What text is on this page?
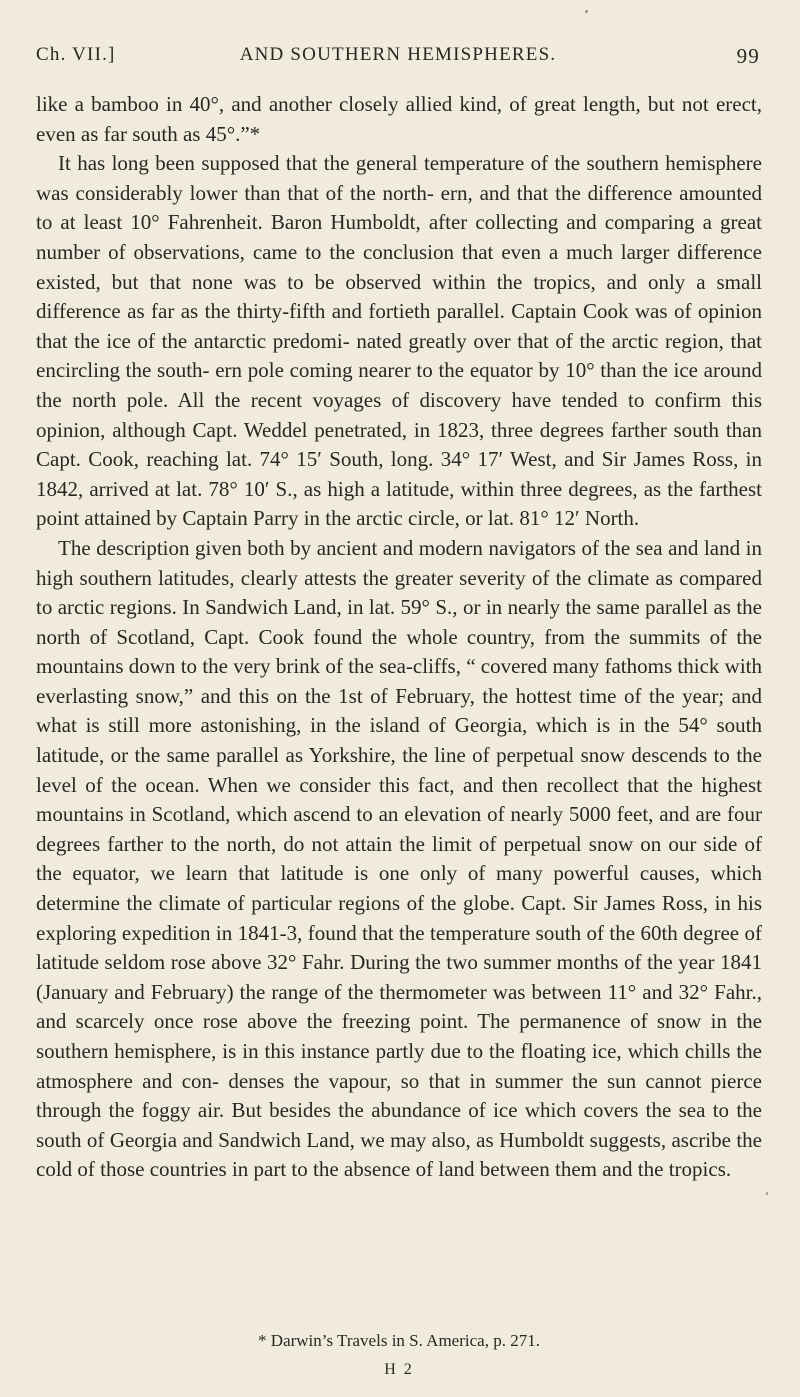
Ch. VII.]	AND SOUTHERN HEMISPHERES.	99

like a bamboo in 40°, and another closely allied kind, of great length, but not erect, even as far south as 45°.”*

It has long been supposed that the general temperature of the southern hemisphere was considerably lower than that of the north- ern, and that the difference amounted to at least 10° Fahrenheit. Baron Humboldt, after collecting and comparing a great number of observations, came to the conclusion that even a much larger difference existed, but that none was to be observed within the tropics, and only a small difference as far as the thirty-fifth and fortieth parallel. Captain Cook was of opinion that the ice of the antarctic predomi- nated greatly over that of the arctic region, that encircling the south- ern pole coming nearer to the equator by 10° than the ice around the north pole. All the recent voyages of discovery have tended to confirm this opinion, although Capt. Weddel penetrated, in 1823, three degrees farther south than Capt. Cook, reaching lat. 74° 15′ South, long. 34° 17′ West, and Sir James Ross, in 1842, arrived at lat. 78° 10′ S., as high a latitude, within three degrees, as the farthest point attained by Captain Parry in the arctic circle, or lat. 81° 12′ North.

The description given both by ancient and modern navigators of the sea and land in high southern latitudes, clearly attests the greater severity of the climate as compared to arctic regions. In Sandwich Land, in lat. 59° S., or in nearly the same parallel as the north of Scotland, Capt. Cook found the whole country, from the summits of the mountains down to the very brink of the sea-cliffs, “ covered many fathoms thick with everlasting snow,” and this on the 1st of February, the hottest time of the year; and what is still more astonishing, in the island of Georgia, which is in the 54° south latitude, or the same parallel as Yorkshire, the line of perpetual snow descends to the level of the ocean. When we consider this fact, and then recollect that the highest mountains in Scotland, which ascend to an elevation of nearly 5000 feet, and are four degrees farther to the north, do not attain the limit of perpetual snow on our side of the equator, we learn that latitude is one only of many powerful causes, which determine the climate of particular regions of the globe. Capt. Sir James Ross, in his exploring expedition in 1841-3, found that the temperature south of the 60th degree of latitude seldom rose above 32° Fahr. During the two summer months of the year 1841 (January and February) the range of the thermometer was between 11° and 32° Fahr., and scarcely once rose above the freezing point. The permanence of snow in the southern hemisphere, is in this instance partly due to the floating ice, which chills the atmosphere and con- denses the vapour, so that in summer the sun cannot pierce through the foggy air. But besides the abundance of ice which covers the sea to the south of Georgia and Sandwich Land, we may also, as Humboldt suggests, ascribe the cold of those countries in part to the absence of land between them and the tropics.

* Darwin’s Travels in S. America, p. 271.
H 2
